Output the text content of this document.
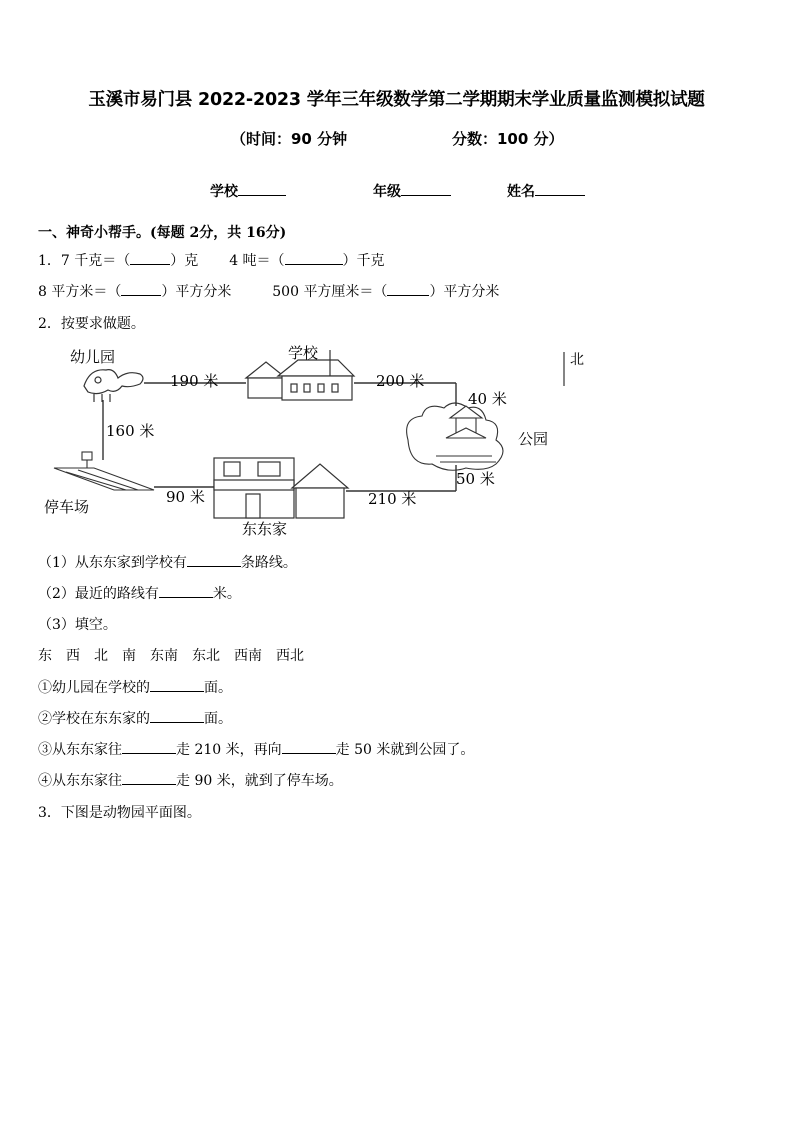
玉溪市易门县 2022-2023 学年三年级数学第二学期期末学业质量监测模拟试题
（时间：90 分钟	分数：100 分）
学校	年级	姓名
一、神奇小帮手。(每题 2分，共 16分)
1．7 千克＝（	）克 4 吨＝（	）千克
8 平方米＝（	）平方分米	500 平方厘米＝（	）平方分米
2．按要求做题。
北
幼儿园	学校
公园
停车场
东东家
190 米	200 米
40 米
160 米
90 米	210 米
50 米
（1）从东东家到学校有	条路线。
（2）最近的路线有	米。
（3）填空。
东 西 北 南 东南 东北 西南 西北
①幼儿园在学校的	面。
②学校在东东家的	面。
③从东东家往	走 210 米，再向	走 50 米就到公园了。
④从东东家往	走 90 米，就到了停车场。
3．下图是动物园平面图。
